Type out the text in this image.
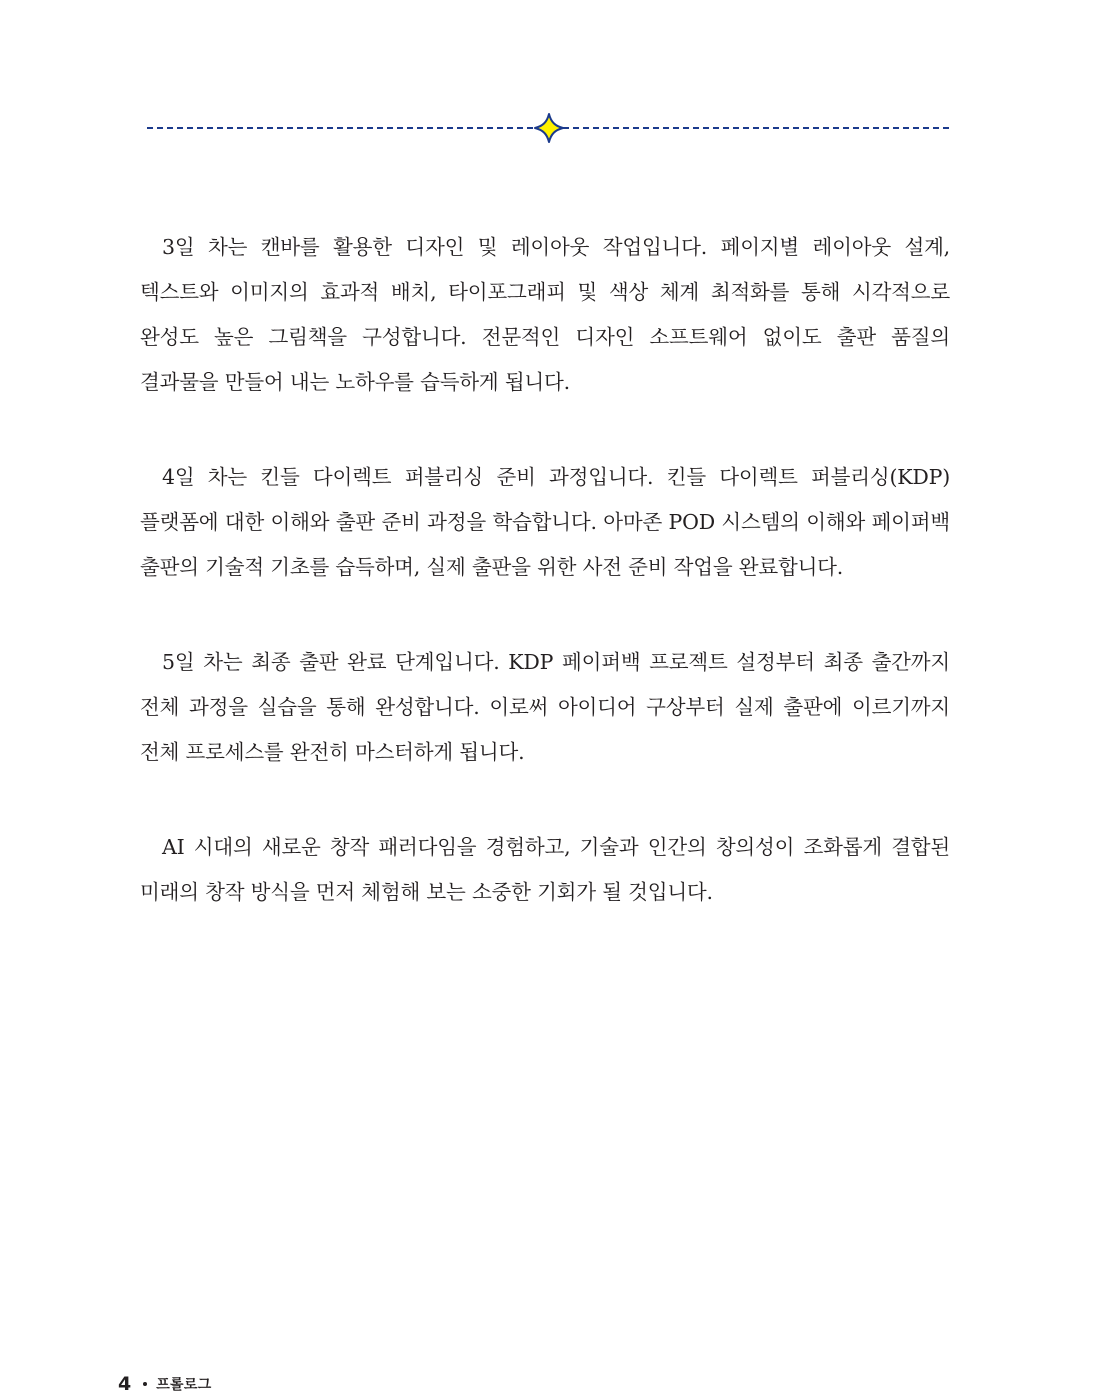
3일 차는 캔바를 활용한 디자인 및 레이아웃 작업입니다. 페이지별 레이아웃 설계, 텍스트와 이미지의 효과적 배치, 타이포그래피 및 색상 체계 최적화를 통해 시각적으로 완성도 높은 그림책을 구성합니다. 전문적인 디자인 소프트웨어 없이도 출판 품질의 결과물을 만들어 내는 노하우를 습득하게 됩니다.

4일 차는 킨들 다이렉트 퍼블리싱 준비 과정입니다. 킨들 다이렉트 퍼블리싱(KDP) 플랫폼에 대한 이해와 출판 준비 과정을 학습합니다. 아마존 POD 시스템의 이해와 페이퍼백 출판의 기술적 기초를 습득하며, 실제 출판을 위한 사전 준비 작업을 완료합니다.

5일 차는 최종 출판 완료 단계입니다. KDP 페이퍼백 프로젝트 설정부터 최종 출간까지 전체 과정을 실습을 통해 완성합니다. 이로써 아이디어 구상부터 실제 출판에 이르기까지 전체 프로세스를 완전히 마스터하게 됩니다.

AI 시대의 새로운 창작 패러다임을 경험하고, 기술과 인간의 창의성이 조화롭게 결합된 미래의 창작 방식을 먼저 체험해 보는 소중한 기회가 될 것입니다.

4 프롤로그
